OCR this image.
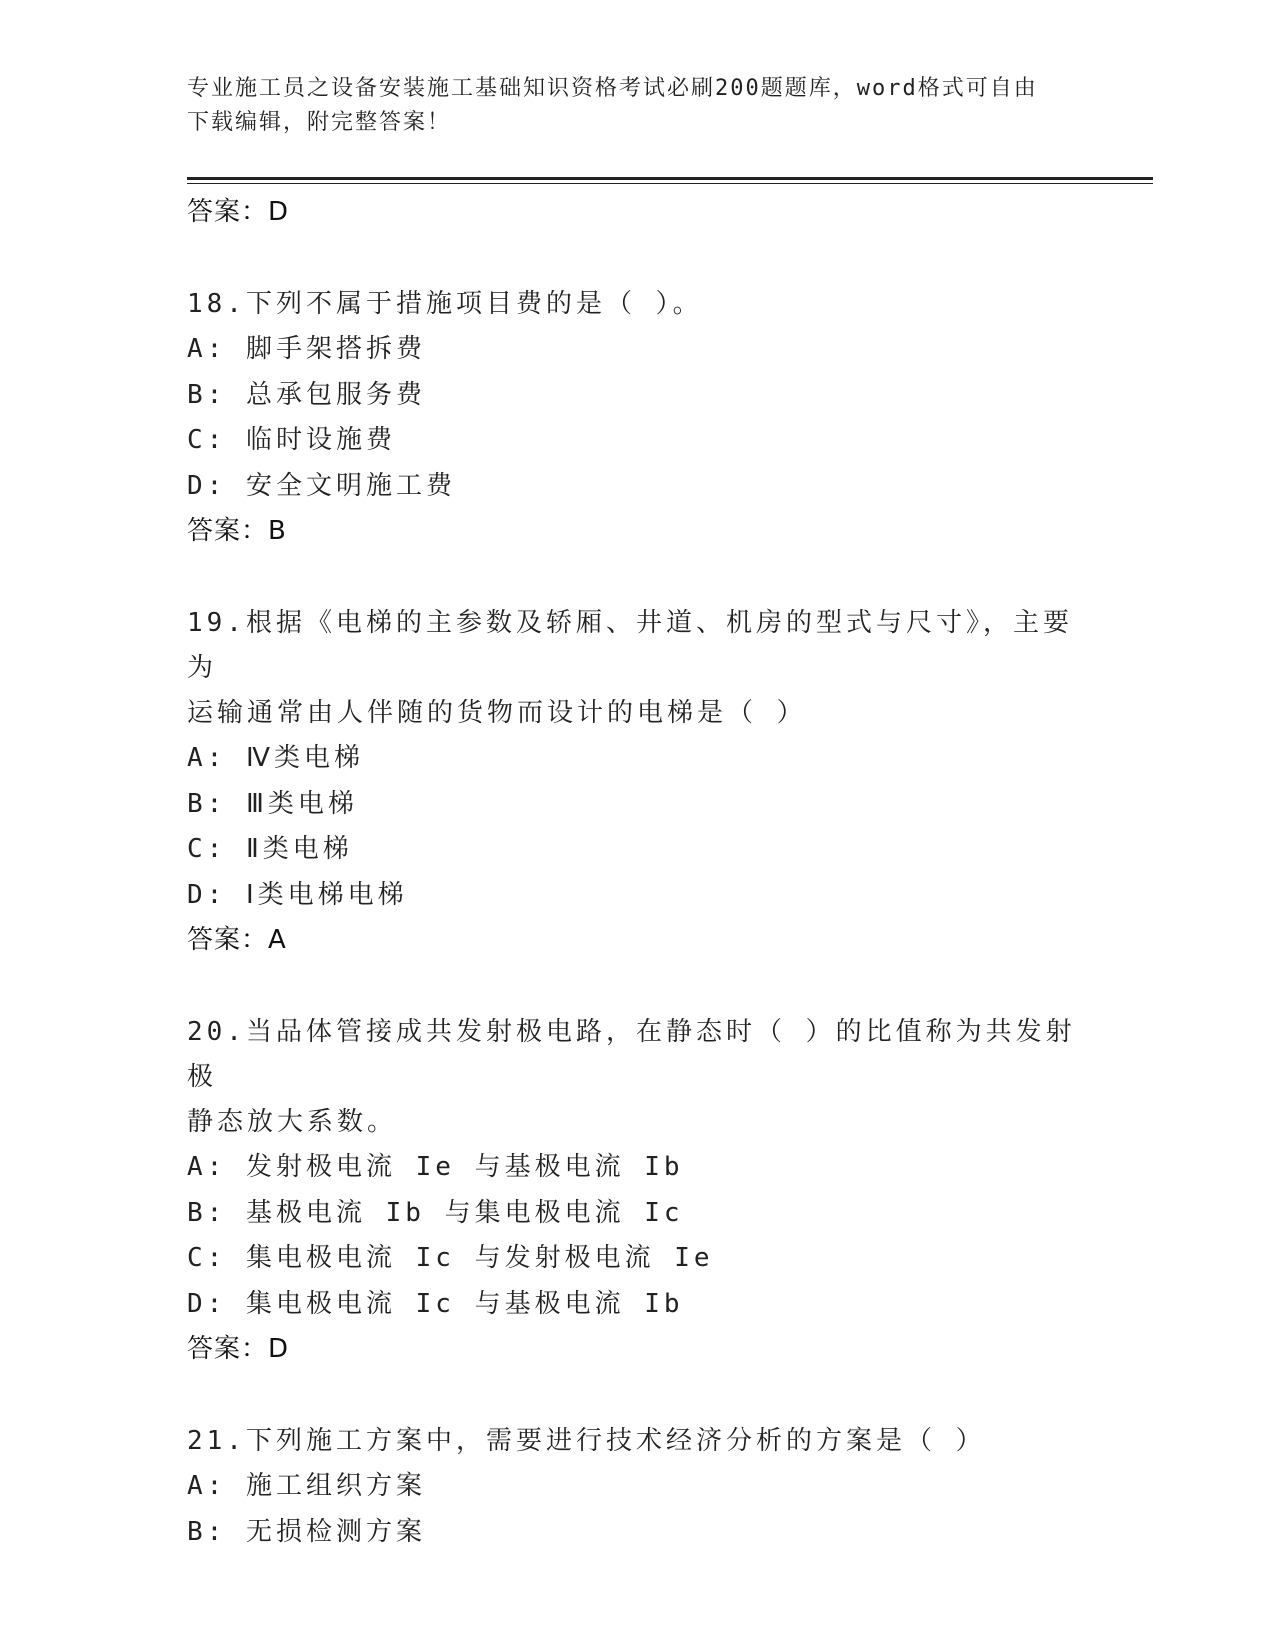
专业施工员之设备安装施工基础知识资格考试必刷200题题库，word格式可自由
下载编辑，附完整答案！
答案：D
18.下列不属于措施项目费的是（ ）。
A: 脚手架搭拆费
B: 总承包服务费
C: 临时设施费
D: 安全文明施工费
答案：B
19.根据《电梯的主参数及轿厢、井道、机房的型式与尺寸》，主要为
运输通常由人伴随的货物而设计的电梯是（ ）
A: Ⅳ类电梯
B: Ⅲ类电梯
C: Ⅱ类电梯
D: Ⅰ类电梯电梯
答案：A
20.当品体管接成共发射极电路，在静态时（ ）的比值称为共发射极
静态放大系数。
A: 发射极电流 Ie 与基极电流 Ib
B: 基极电流 Ib 与集电极电流 Ic
C: 集电极电流 Ic 与发射极电流 Ie
D: 集电极电流 Ic 与基极电流 Ib
答案：D
21.下列施工方案中，需要进行技术经济分析的方案是（ ）
A: 施工组织方案
B: 无损检测方案
